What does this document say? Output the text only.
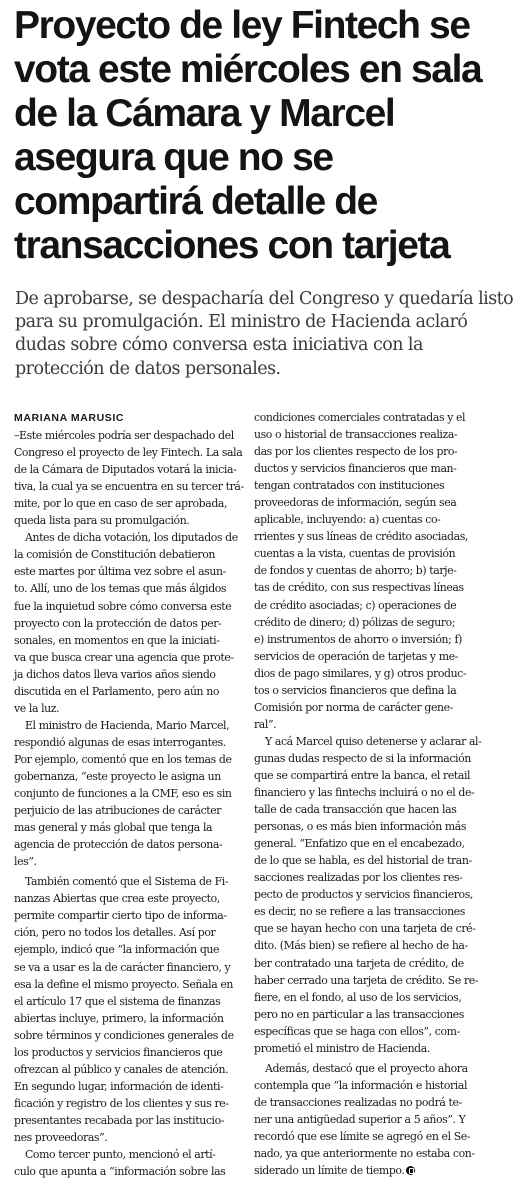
Proyecto de ley Fintech se
vota este miércoles en sala
de la Cámara y Marcel
asegura que no se
compartirá detalle de
transacciones con tarjeta

De aprobarse, se despacharía del Congreso y quedaría listo
para su promulgación. El ministro de Hacienda aclaró
dudas sobre cómo conversa esta iniciativa con la
protección de datos personales.

MARIANA MARUSIC
–Este miércoles podría ser despachado del
Congreso el proyecto de ley Fintech. La sala
de la Cámara de Diputados votará la inicia-
tiva, la cual ya se encuentra en su tercer trá-
mite, por lo que en caso de ser aprobada,
queda lista para su promulgación.
Antes de dicha votación, los diputados de
la comisión de Constitución debatieron
este martes por última vez sobre el asun-
to. Allí, uno de los temas que más álgidos
fue la inquietud sobre cómo conversa este
proyecto con la protección de datos per-
sonales, en momentos en que la iniciati-
va que busca crear una agencia que prote-
ja dichos datos lleva varios años siendo
discutida en el Parlamento, pero aún no
ve la luz.
El ministro de Hacienda, Mario Marcel,
respondió algunas de esas interrogantes.
Por ejemplo, comentó que en los temas de
gobernanza, “este proyecto le asigna un
conjunto de funciones a la CMF, eso es sin
perjuicio de las atribuciones de carácter
mas general y más global que tenga la
agencia de protección de datos persona-
les”.
También comentó que el Sistema de Fi-
nanzas Abiertas que crea este proyecto,
permite compartir cierto tipo de informa-
ción, pero no todos los detalles. Así por
ejemplo, indicó que “la información que
se va a usar es la de carácter financiero, y
esa la define el mismo proyecto. Señala en
el artículo 17 que el sistema de finanzas
abiertas incluye, primero, la información
sobre términos y condiciones generales de
los productos y servicios financieros que
ofrezcan al público y canales de atención.
En segundo lugar, información de identi-
ficación y registro de los clientes y sus re-
presentantes recabada por las institucio-
nes proveedoras”.
Como tercer punto, mencionó el artí-
culo que apunta a “información sobre las
condiciones comerciales contratadas y el
uso o historial de transacciones realiza-
das por los clientes respecto de los pro-
ductos y servicios financieros que man-
tengan contratados con instituciones
proveedoras de información, según sea
aplicable, incluyendo: a) cuentas co-
rrientes y sus líneas de crédito asociadas,
cuentas a la vista, cuentas de provisión
de fondos y cuentas de ahorro; b) tarje-
tas de crédito, con sus respectivas líneas
de crédito asociadas; c) operaciones de
crédito de dinero; d) pólizas de seguro;
e) instrumentos de ahorro o inversión; f)
servicios de operación de tarjetas y me-
dios de pago similares, y g) otros produc-
tos o servicios financieros que defina la
Comisión por norma de carácter gene-
ral”.
Y acá Marcel quiso detenerse y aclarar al-
gunas dudas respecto de si la información
que se compartirá entre la banca, el retail
financiero y las fintechs incluirá o no el de-
talle de cada transacción que hacen las
personas, o es más bien información más
general. “Enfatizo que en el encabezado,
de lo que se habla, es del historial de tran-
sacciones realizadas por los clientes res-
pecto de productos y servicios financieros,
es decir, no se refiere a las transacciones
que se hayan hecho con una tarjeta de cré-
dito. (Más bien) se refiere al hecho de ha-
ber contratado una tarjeta de crédito, de
haber cerrado una tarjeta de crédito. Se re-
fiere, en el fondo, al uso de los servicios,
pero no en particular a las transacciones
específicas que se haga con ellos”, com-
prometió el ministro de Hacienda.
Además, destacó que el proyecto ahora
contempla que “la información e historial
de transacciones realizadas no podrá te-
ner una antigüedad superior a 5 años”. Y
recordó que ese límite se agregó en el Se-
nado, ya que anteriormente no estaba con-
siderado un límite de tiempo.
